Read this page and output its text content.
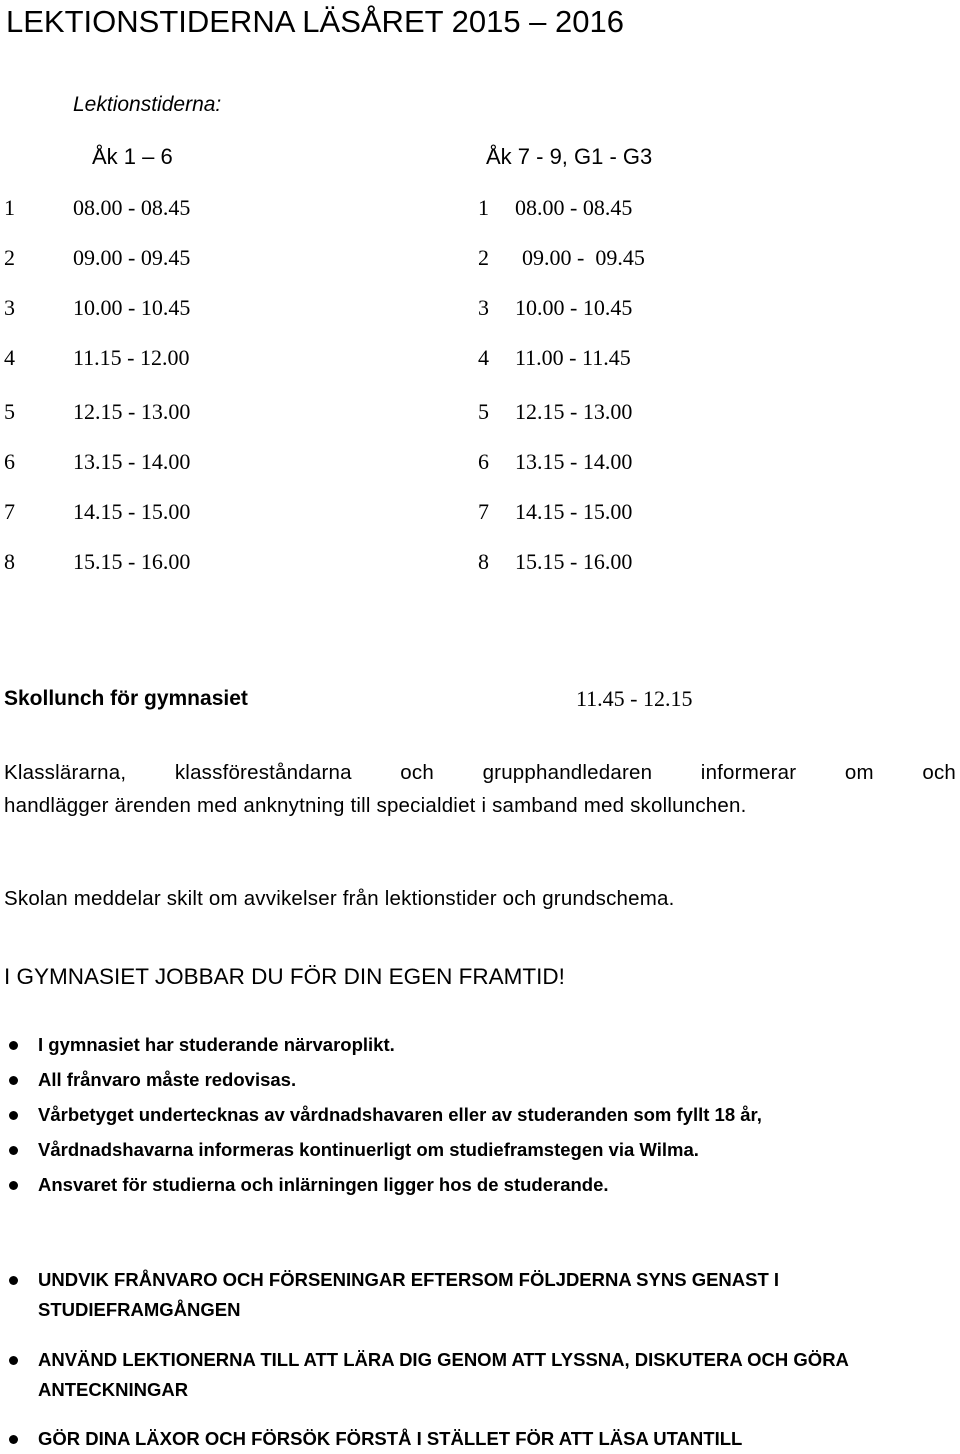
LEKTIONSTIDERNA LÄSÅRET 2015 – 2016
Lektionstiderna:
Åk 1 – 6	Åk 7 - 9, G1 - G3
1	08.00 - 08.45
2	09.00 - 09.45
3	10.00 - 10.45
4	11.15 - 12.00
5	12.15 - 13.00
6	13.15 - 14.00
7	14.15 - 15.00
8	15.15 - 16.00
1 08.00 - 08.45
2 09.00 -  09.45
3 10.00 - 10.45
4 11.00 - 11.45
5 12.15 - 13.00
6 13.15 - 14.00
7 14.15 - 15.00
8 15.15 - 16.00
Skollunch för gymnasiet	11.45 - 12.15
Klasslärarna, klassföreståndarna och grupphandledaren informerar om och
handlägger ärenden med anknytning till specialdiet i samband med skollunchen.
Skolan meddelar skilt om avvikelser från lektionstider och grundschema.
I GYMNASIET JOBBAR DU FÖR DIN EGEN FRAMTID!
I gymnasiet har studerande närvaroplikt.
All frånvaro måste redovisas.
Vårbetyget undertecknas av vårdnadshavaren eller av studeranden som fyllt 18 år,
Vårdnadshavarna informeras kontinuerligt om studieframstegen via Wilma.
Ansvaret för studierna och inlärningen ligger hos de studerande.
UNDVIK FRÅNVARO OCH FÖRSENINGAR EFTERSOM FÖLJDERNA SYNS GENAST I
STUDIEFRAMGÅNGEN
ANVÄND LEKTIONERNA TILL ATT LÄRA DIG GENOM ATT LYSSNA, DISKUTERA OCH GÖRA
ANTECKNINGAR
GÖR DINA LÄXOR OCH FÖRSÖK FÖRSTÅ I STÄLLET FÖR ATT LÄSA UTANTILL
